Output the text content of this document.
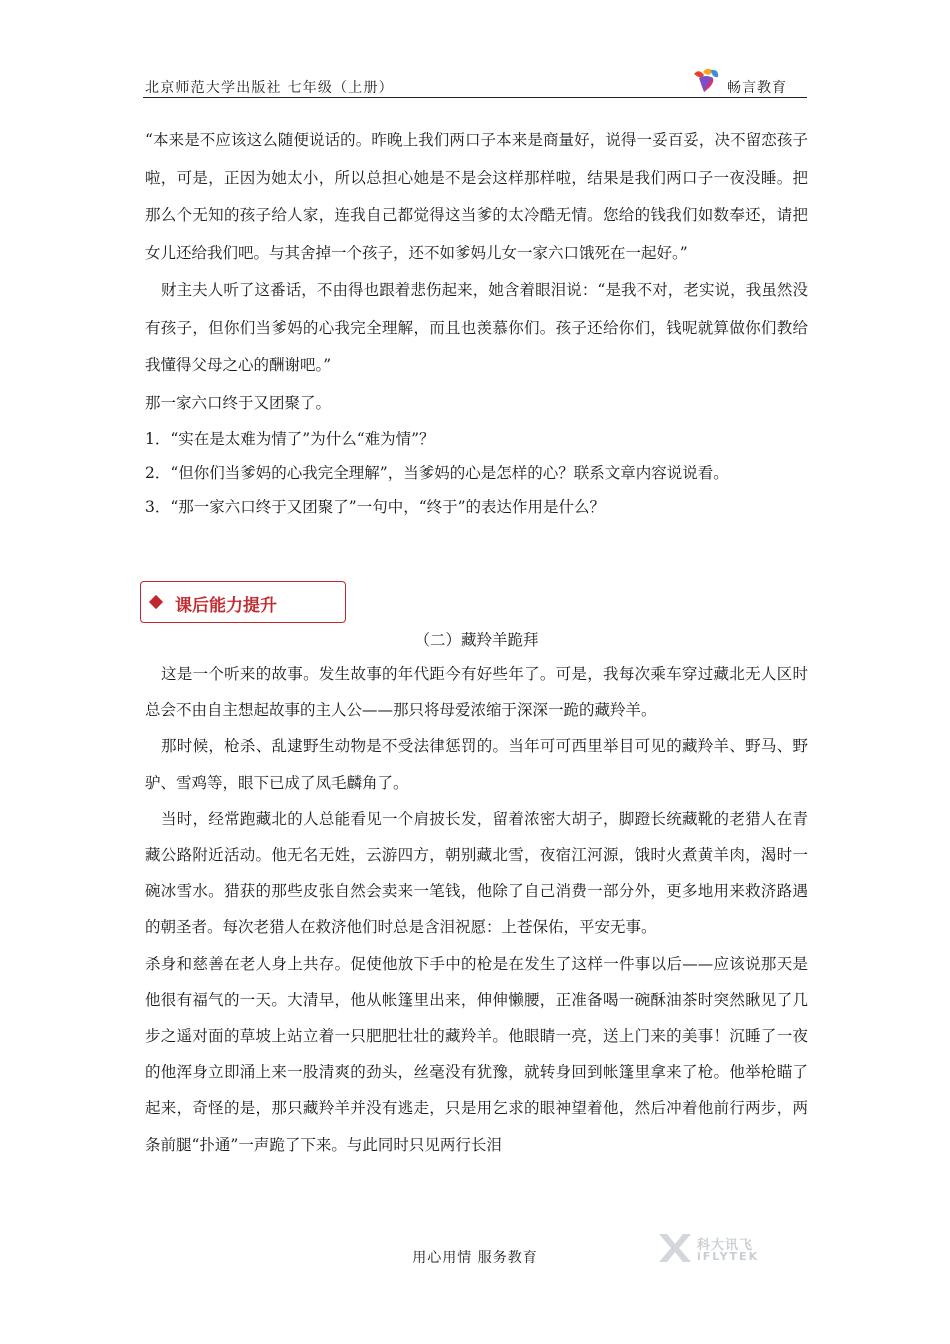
北京师范大学出版社 七年级（上册）	畅言教育

“本来是不应该这么随便说话的。昨晚上我们两口子本来是商量好，说得一妥百妥，决不留恋孩子啦，可是，正因为她太小，所以总担心她是不是会这样那样啦，结果是我们两口子一夜没睡。把那么个无知的孩子给人家，连我自己都觉得这当爹的太冷酷无情。您给的钱我们如数奉还，请把女儿还给我们吧。与其舍掉一个孩子，还不如爹妈儿女一家六口饿死在一起好。”

财主夫人听了这番话，不由得也跟着悲伤起来，她含着眼泪说：“是我不对，老实说，我虽然没有孩子，但你们当爹妈的心我完全理解，而且也羡慕你们。孩子还给你们，钱呢就算做你们教给我懂得父母之心的酬谢吧。”

那一家六口终于又团聚了。

1．“实在是太难为情了”为什么“难为情”？

2．“但你们当爹妈的心我完全理解”，当爹妈的心是怎样的心？联系文章内容说说看。

3．“那一家六口终于又团聚了”一句中，“终于”的表达作用是什么？

课后能力提升
（二）藏羚羊跪拜

这是一个听来的故事。发生故事的年代距今有好些年了。可是，我每次乘车穿过藏北无人区时总会不由自主想起故事的主人公——那只将母爱浓缩于深深一跪的藏羚羊。

那时候，枪杀、乱逮野生动物是不受法律惩罚的。当年可可西里举目可见的藏羚羊、野马、野驴、雪鸡等，眼下已成了凤毛麟角了。

当时，经常跑藏北的人总能看见一个肩披长发，留着浓密大胡子，脚蹬长统藏靴的老猎人在青藏公路附近活动。他无名无姓，云游四方，朝别藏北雪，夜宿江河源，饿时火煮黄羊肉，渴时一碗冰雪水。猎获的那些皮张自然会卖来一笔钱，他除了自己消费一部分外，更多地用来救济路遇的朝圣者。每次老猎人在救济他们时总是含泪祝愿：上苍保佑，平安无事。

杀身和慈善在老人身上共存。促使他放下手中的枪是在发生了这样一件事以后——应该说那天是他很有福气的一天。大清早，他从帐篷里出来，伸伸懒腰，正准备喝一碗酥油茶时突然瞅见了几步之遥对面的草坡上站立着一只肥肥壮壮的藏羚羊。他眼睛一亮，送上门来的美事！沉睡了一夜的他浑身立即涌上来一股清爽的劲头，丝毫没有犹豫，就转身回到帐篷里拿来了枪。他举枪瞄了起来，奇怪的是，那只藏羚羊并没有逃走，只是用乞求的眼神望着他，然后冲着他前行两步，两条前腿“扑通”一声跪了下来。与此同时只见两行长泪

用心用情 服务教育
科大讯飞
iFLYTEK
